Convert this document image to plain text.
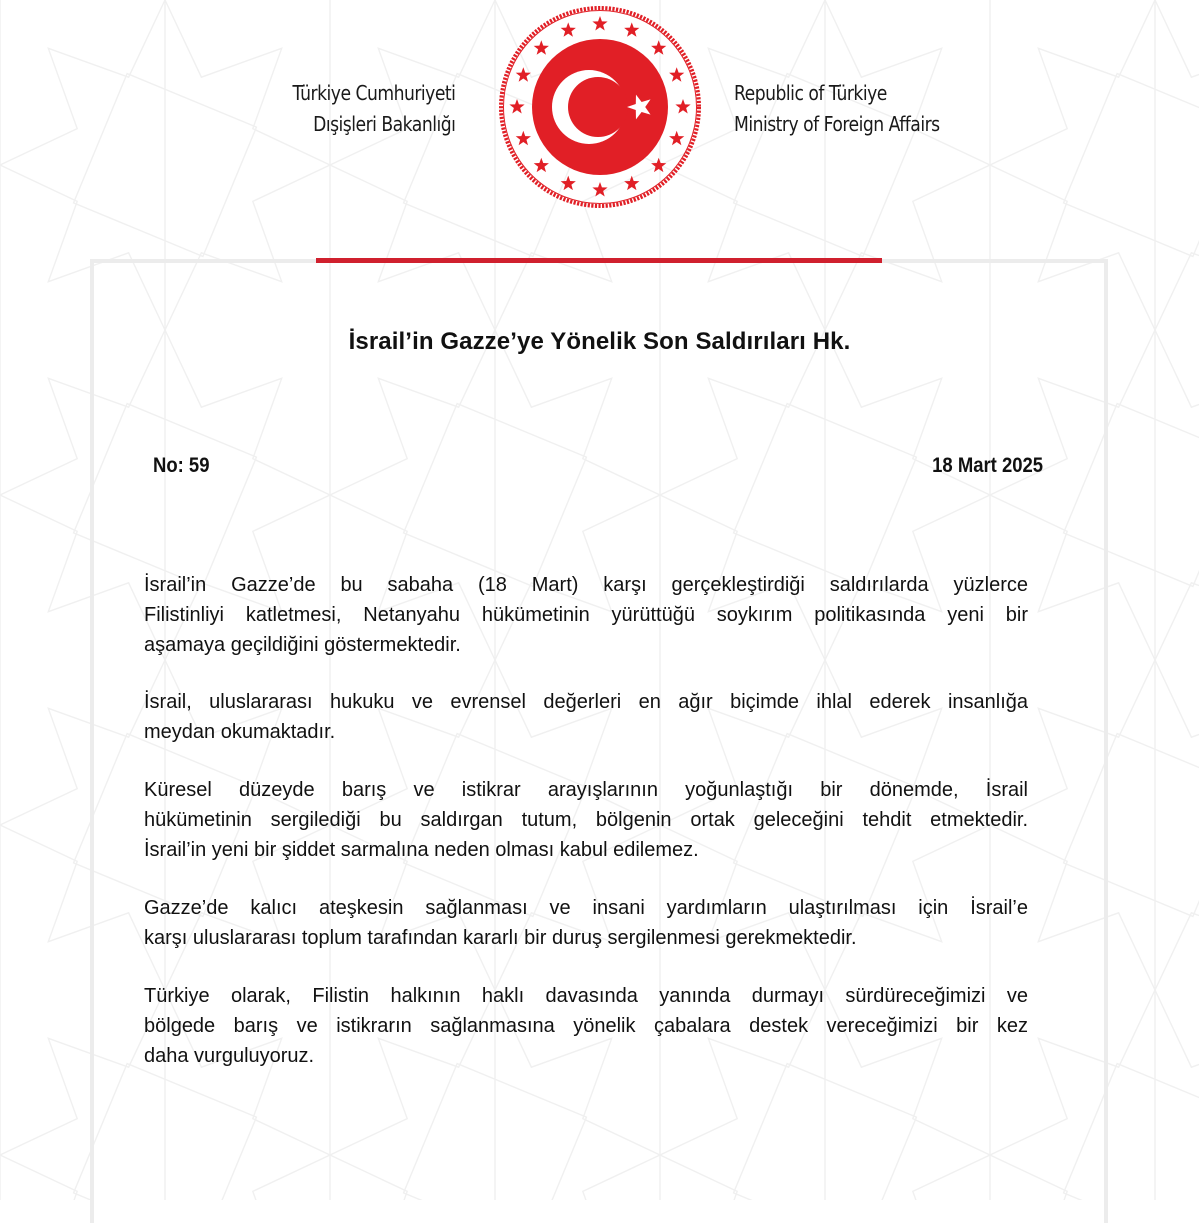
Türkiye Cumhuriyeti
Dışişleri Bakanlığı
Republic of Türkiye
Ministry of Foreign Affairs
İsrail’in Gazze’ye Yönelik Son Saldırıları Hk.
No: 59	18 Mart 2025

İsrail’in Gazze’de bu sabaha (18 Mart) karşı gerçekleştirdiği saldırılarda yüzlerce
Filistinliyi katletmesi, Netanyahu hükümetinin yürüttüğü soykırım politikasında yeni bir
aşamaya geçildiğini göstermektedir.

İsrail, uluslararası hukuku ve evrensel değerleri en ağır biçimde ihlal ederek insanlığa
meydan okumaktadır.

Küresel düzeyde barış ve istikrar arayışlarının yoğunlaştığı bir dönemde, İsrail
hükümetinin sergilediği bu saldırgan tutum, bölgenin ortak geleceğini tehdit etmektedir.
İsrail’in yeni bir şiddet sarmalına neden olması kabul edilemez.

Gazze’de kalıcı ateşkesin sağlanması ve insani yardımların ulaştırılması için İsrail’e
karşı uluslararası toplum tarafından kararlı bir duruş sergilenmesi gerekmektedir.

Türkiye olarak, Filistin halkının haklı davasında yanında durmayı sürdüreceğimizi ve
bölgede barış ve istikrarın sağlanmasına yönelik çabalara destek vereceğimizi bir kez
daha vurguluyoruz.
